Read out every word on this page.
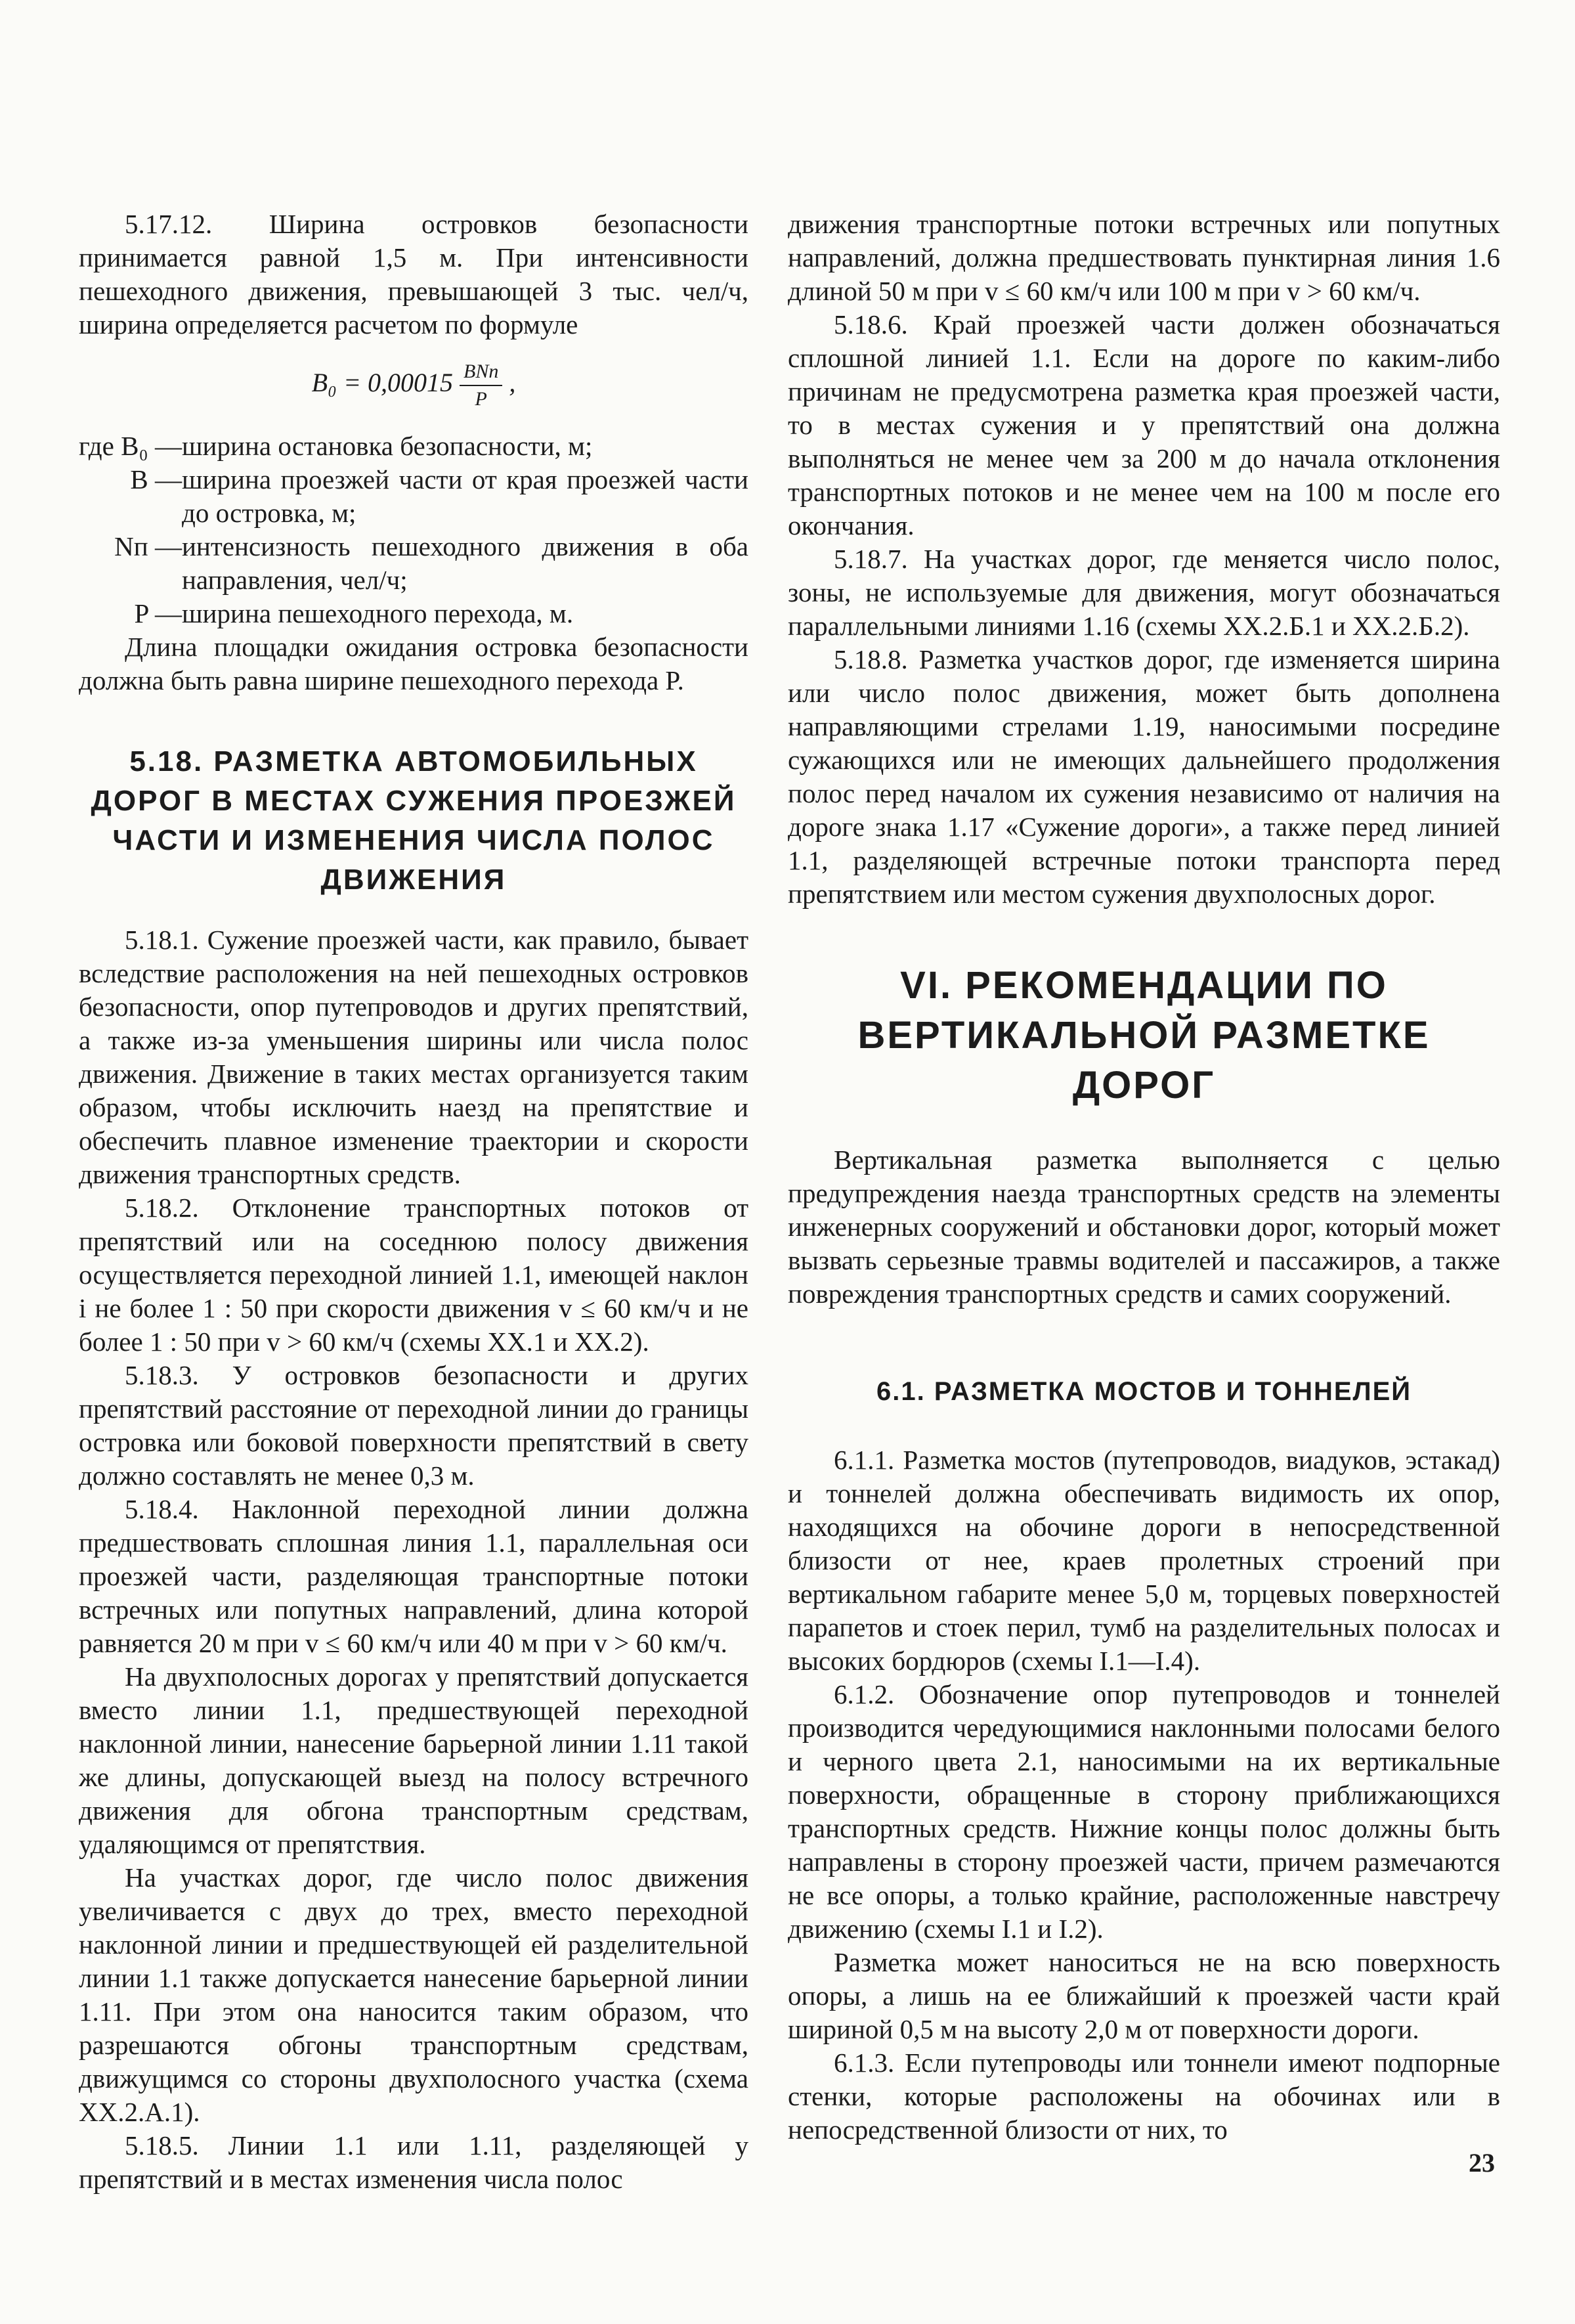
5.17.12. Ширина островков безопасности принимается равной 1,5 м. При интенсивности пешеходного движения, превышающей 3 тыс. чел/ч, ширина определяется расчетом по формуле

$B_0 = 0,00015 \frac{\text{BNп}}{P}$ ,
где B₀ —	ширина остановка безопасности, м;
B —	ширина проезжей части от края проезжей части до островка, м;
Nп —	интенсизность пешеходного движения в оба направления, чел/ч;
P —	ширина пешеходного перехода, м.

Длина площадки ожидания островка безопасности должна быть равна ширине пешеходного перехода P.

5.18. РАЗМЕТКА АВТОМОБИЛЬНЫХ ДОРОГ В МЕСТАХ СУЖЕНИЯ ПРОЕЗЖЕЙ ЧАСТИ И ИЗМЕНЕНИЯ ЧИСЛА ПОЛОС ДВИЖЕНИЯ

5.18.1. Сужение проезжей части, как правило, бывает вследствие расположения на ней пешеходных островков безопасности, опор путепроводов и других препятствий, а также из-за уменьшения ширины или числа полос движения. Движение в таких местах организуется таким образом, чтобы исключить наезд на препятствие и обеспечить плавное изменение траектории и скорости движения транспортных средств.

5.18.2. Отклонение транспортных потоков от препятствий или на соседнюю полосу движения осуществляется переходной линией 1.1, имеющей наклон i не более 1 : 50 при скорости движения v ≤ 60 км/ч и не более 1 : 50 при v > 60 км/ч (схемы XX.1 и XX.2).

5.18.3. У островков безопасности и других препятствий расстояние от переходной линии до границы островка или боковой поверхности препятствий в свету должно составлять не менее 0,3 м.

5.18.4. Наклонной переходной линии должна предшествовать сплошная линия 1.1, параллельная оси проезжей части, разделяющая транспортные потоки встречных или попутных направлений, длина которой равняется 20 м при v ≤ 60 км/ч или 40 м при v > 60 км/ч.

На двухполосных дорогах у препятствий допускается вместо линии 1.1, предшествующей переходной наклонной линии, нанесение барьерной линии 1.11 такой же длины, допускающей выезд на полосу встречного движения для обгона транспортным средствам, удаляющимся от препятствия.

На участках дорог, где число полос движения увеличивается с двух до трех, вместо переходной наклонной линии и предшествующей ей разделительной линии 1.1 также допускается нанесение барьерной линии 1.11. При этом она наносится таким образом, что разрешаются обгоны транспортным средствам, движущимся со стороны двухполосного участка (схема XX.2.A.1).

5.18.5. Линии 1.1 или 1.11, разделяющей у препятствий и в местах изменения числа полос

движения транспортные потоки встречных или попутных направлений, должна предшествовать пунктирная линия 1.6 длиной 50 м при v ≤ 60 км/ч или 100 м при v > 60 км/ч.

5.18.6. Край проезжей части должен обозначаться сплошной линией 1.1. Если на дороге по каким-либо причинам не предусмотрена разметка края проезжей части, то в местах сужения и у препятствий она должна выполняться не менее чем за 200 м до начала отклонения транспортных потоков и не менее чем на 100 м после его окончания.

5.18.7. На участках дорог, где меняется число полос, зоны, не используемые для движения, могут обозначаться параллельными линиями 1.16 (схемы XX.2.Б.1 и XX.2.Б.2).

5.18.8. Разметка участков дорог, где изменяется ширина или число полос движения, может быть дополнена направляющими стрелами 1.19, наносимыми посредине сужающихся или не имеющих дальнейшего продолжения полос перед началом их сужения независимо от наличия на дороге знака 1.17 «Сужение дороги», а также перед линией 1.1, разделяющей встречные потоки транспорта перед препятствием или местом сужения двухполосных дорог.

VI. РЕКОМЕНДАЦИИ ПО ВЕРТИКАЛЬНОЙ РАЗМЕТКЕ ДОРОГ

Вертикальная разметка выполняется с целью предупреждения наезда транспортных средств на элементы инженерных сооружений и обстановки дорог, который может вызвать серьезные травмы водителей и пассажиров, а также повреждения транспортных средств и самих сооружений.

6.1. РАЗМЕТКА МОСТОВ И ТОННЕЛЕЙ

6.1.1. Разметка мостов (путепроводов, виадуков, эстакад) и тоннелей должна обеспечивать видимость их опор, находящихся на обочине дороги в непосредственной близости от нее, краев пролетных строений при вертикальном габарите менее 5,0 м, торцевых поверхностей парапетов и стоек перил, тумб на разделительных полосах и высоких бордюров (схемы I.1—I.4).

6.1.2. Обозначение опор путепроводов и тоннелей производится чередующимися наклонными полосами белого и черного цвета 2.1, наносимыми на их вертикальные поверхности, обращенные в сторону приближающихся транспортных средств. Нижние концы полос должны быть направлены в сторону проезжей части, причем размечаются не все опоры, а только крайние, расположенные навстречу движению (схемы I.1 и I.2).

Разметка может наноситься не на всю поверхность опоры, а лишь на ее ближайший к проезжей части край шириной 0,5 м на высоту 2,0 м от поверхности дороги.

6.1.3. Если путепроводы или тоннели имеют подпорные стенки, которые расположены на обочинах или в непосредственной близости от них, то

23
